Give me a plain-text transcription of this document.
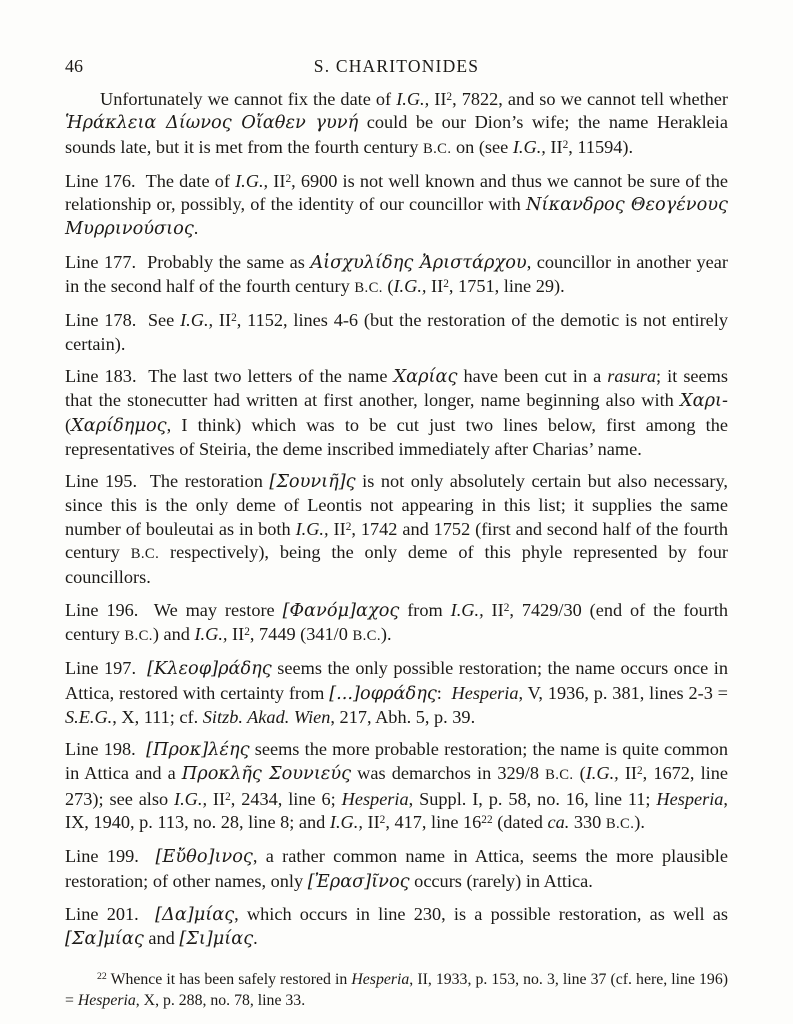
46	S. CHARITONIDES

Unfortunately we cannot fix the date of I.G., $II^2$, 7822, and so we cannot tell whether Ἡράκλεια Δίωνος Οἴαθεν γυνή could be our Dion’s wife; the name Herakleia sounds late, but it is met from the fourth century B.C. on (see I.G., $II^2$, 11594).

Line 176.  The date of I.G., $II^2$, 6900 is not well known and thus we cannot be sure of the relationship or, possibly, of the identity of our councillor with Νίκανδρος Θεογένους Μυρρινούσιος.

Line 177.  Probably the same as Αἰσχυλίδης Ἀριστάρχου, councillor in another year in the second half of the fourth century B.C. (I.G., $II^2$, 1751, line 29).

Line 178.  See I.G., $II^2$, 1152, lines 4-6 (but the restoration of the demotic is not entirely certain).

Line 183.  The last two letters of the name Χαρίας have been cut in a rasura; it seems that the stonecutter had written at first another, longer, name beginning also with Χαρι- (Χαρίδημος, I think) which was to be cut just two lines below, first among the representatives of Steiria, the deme inscribed immediately after Charias’ name.

Line 195.  The restoration [Σουνιῆ]ς is not only absolutely certain but also necessary, since this is the only deme of Leontis not appearing in this list; it supplies the same number of bouleutai as in both I.G., $II^2$, 1742 and 1752 (first and second half of the fourth century B.C. respectively), being the only deme of this phyle represented by four councillors.

Line 196.  We may restore [Φανόμ]αχος from I.G., $II^2$, 7429/30 (end of the fourth century B.C.) and I.G., $II^2$, 7449 (341/0 B.C.).

Line 197.  [Κλεοφ]ράδης seems the only possible restoration; the name occurs once in Attica, restored with certainty from [...]οφράδης:  Hesperia, V, 1936, p. 381, lines 2-3 = S.E.G., X, 111; cf. Sitzb. Akad. Wien, 217, Abh. 5, p. 39.

Line 198.  [Προκ]λέης seems the more probable restoration; the name is quite common in Attica and a Προκλῆς Σουνιεύς was demarchos in 329/8 B.C. (I.G., $II^2$, 1672, line 273); see also I.G., $II^2$, 2434, line 6; Hesperia, Suppl. I, p. 58, no. 16, line 11; Hesperia, IX, 1940, p. 113, no. 28, line 8; and I.G., $II^2$, 417, line $16^{22}$ (dated ca. 330 B.C.).

Line 199.  [Εὔθο]ινος, a rather common name in Attica, seems the more plausible restoration; of other names, only [Ἐρασ]ῖνος occurs (rarely) in Attica.

Line 201.  [Δα]μίας, which occurs in line 230, is a possible restoration, as well as [Σα]μίας and [Σι]μίας.

$^{22}$ Whence it has been safely restored in Hesperia, II, 1933, p. 153, no. 3, line 37 (cf. here, line 196) = Hesperia, X, p. 288, no. 78, line 33.
